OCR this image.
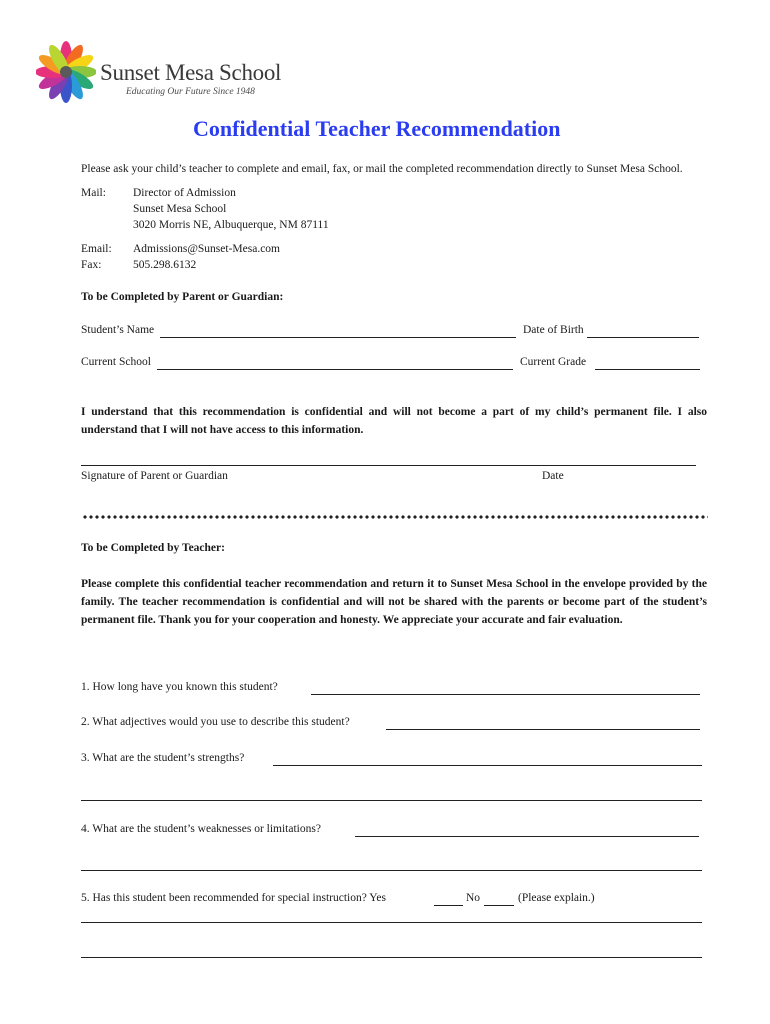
Sunset Mesa School
Educating Our Future Since 1948
Confidential Teacher Recommendation
Please ask your child’s teacher to complete and email, fax, or mail the completed recommendation directly to Sunset Mesa School.
Mail: Director of Admission
Sunset Mesa School
3020 Morris NE, Albuquerque, NM 87111
Email: Admissions@Sunset-Mesa.com
Fax:	505.298.6132
To be Completed by Parent or Guardian:
Student’s Name	Date of Birth
Current School	Current Grade
I understand that this recommendation is confidential and will not become a part of my child’s permanent file. I also understand that I will not have access to this information.
Signature of Parent or Guardian	Date
To be Completed by Teacher:
Please complete this confidential teacher recommendation and return it to Sunset Mesa School in the envelope provided by the family. The teacher recommendation is confidential and will not be shared with the parents or become part of the student’s permanent file. Thank you for your cooperation and honesty. We appreciate your accurate and fair evaluation.
1. How long have you known this student?
2. What adjectives would you use to describe this student?
3. What are the student’s strengths?
4. What are the student’s weaknesses or limitations?
5. Has this student been recommended for special instruction? Yes	No	(Please explain.)
